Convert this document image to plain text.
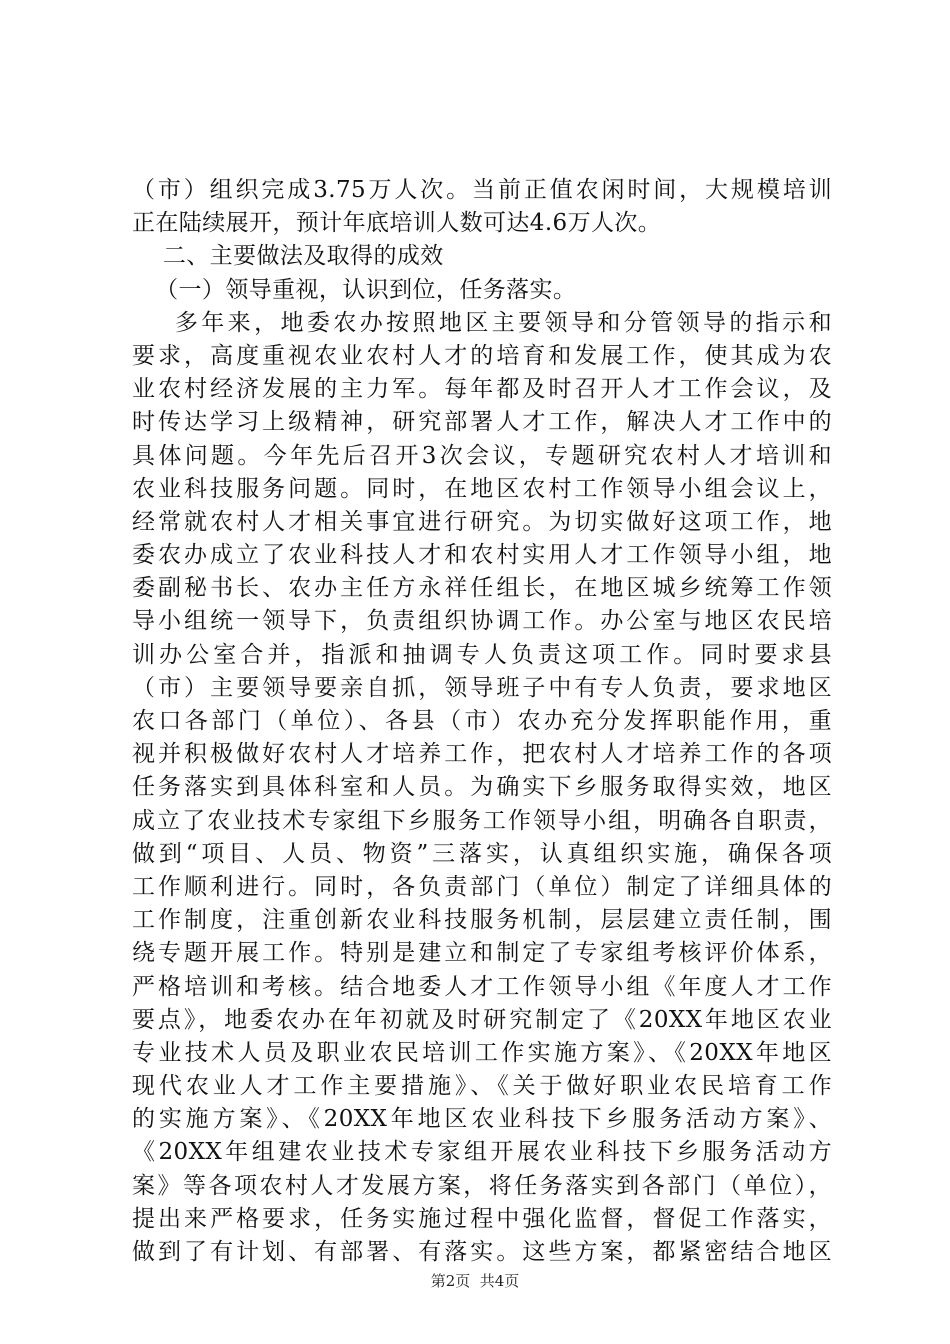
（市）组织完成3.75万人次。当前正值农闲时间，大规模培训
正在陆续展开，预计年底培训人数可达4.6万人次。
二、主要做法及取得的成效
（一）领导重视，认识到位，任务落实。
多年来，地委农办按照地区主要领导和分管领导的指示和
要求，高度重视农业农村人才的培育和发展工作，使其成为农
业农村经济发展的主力军。每年都及时召开人才工作会议，及
时传达学习上级精神，研究部署人才工作，解决人才工作中的
具体问题。今年先后召开3次会议，专题研究农村人才培训和
农业科技服务问题。同时，在地区农村工作领导小组会议上，
经常就农村人才相关事宜进行研究。为切实做好这项工作，地
委农办成立了农业科技人才和农村实用人才工作领导小组，地
委副秘书长、农办主任方永祥任组长，在地区城乡统筹工作领
导小组统一领导下，负责组织协调工作。办公室与地区农民培
训办公室合并，指派和抽调专人负责这项工作。同时要求县
（市）主要领导要亲自抓，领导班子中有专人负责，要求地区
农口各部门（单位）、各县（市）农办充分发挥职能作用，重
视并积极做好农村人才培养工作，把农村人才培养工作的各项
任务落实到具体科室和人员。为确实下乡服务取得实效，地区
成立了农业技术专家组下乡服务工作领导小组，明确各自职责，
做到“项目、人员、物资”三落实，认真组织实施，确保各项
工作顺利进行。同时，各负责部门（单位）制定了详细具体的
工作制度，注重创新农业科技服务机制，层层建立责任制，围
绕专题开展工作。特别是建立和制定了专家组考核评价体系，
严格培训和考核。结合地委人才工作领导小组《年度人才工作
要点》，地委农办在年初就及时研究制定了《20XX年地区农业
专业技术人员及职业农民培训工作实施方案》、《20XX年地区
现代农业人才工作主要措施》、《关于做好职业农民培育工作
的实施方案》、《20XX年地区农业科技下乡服务活动方案》、
《20XX年组建农业技术专家组开展农业科技下乡服务活动方
案》等各项农村人才发展方案，将任务落实到各部门（单位），
提出来严格要求，任务实施过程中强化监督，督促工作落实，
做到了有计划、有部署、有落实。这些方案，都紧密结合地区
第2页  共4页
